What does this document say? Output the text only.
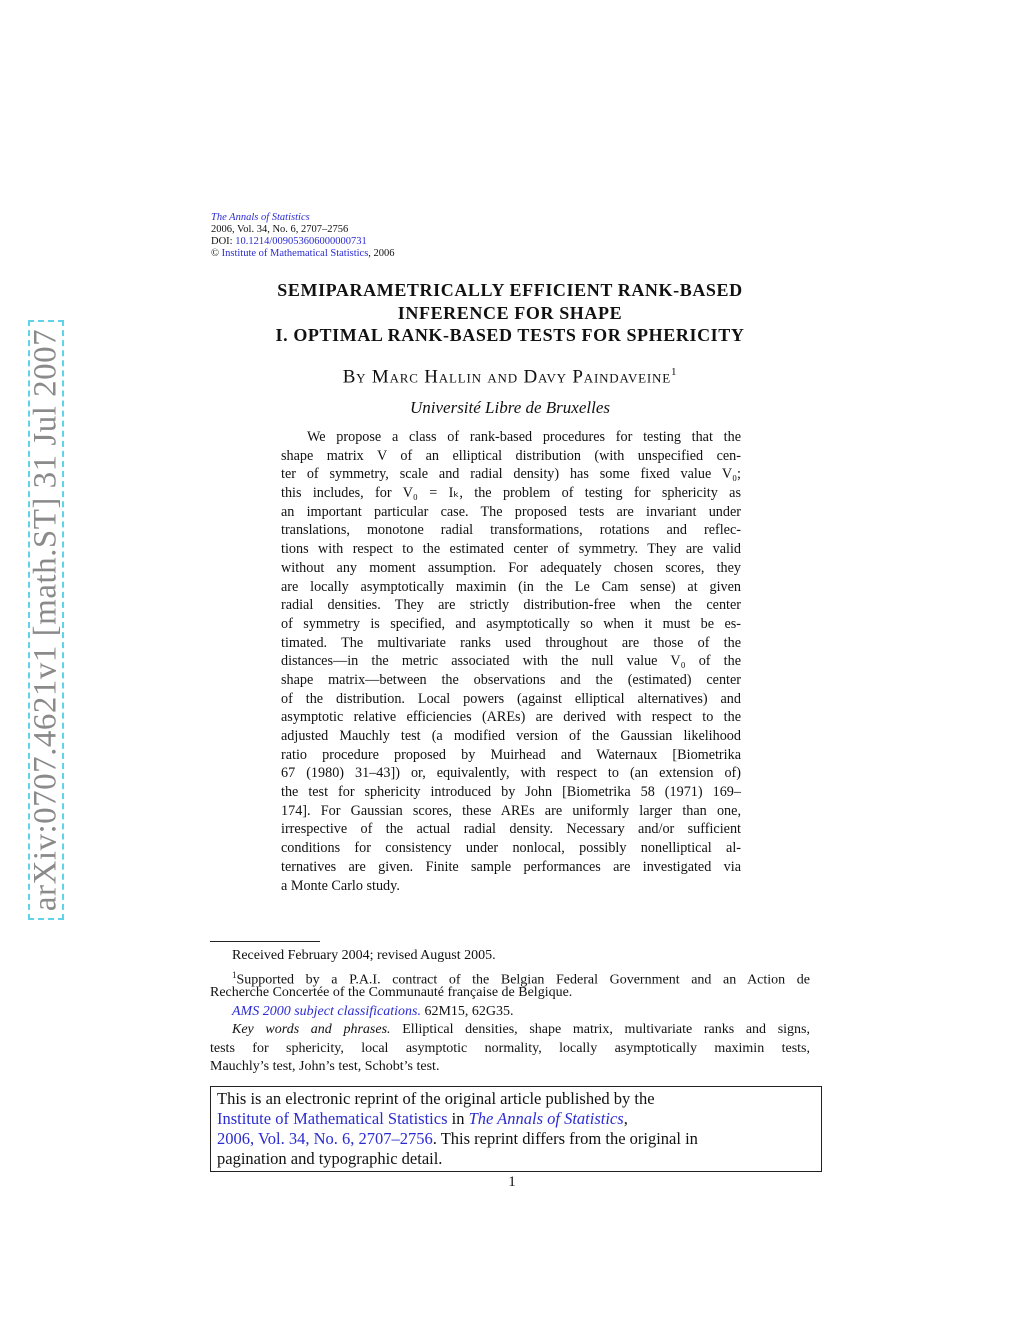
arXiv:0707.4621v1 [math.ST] 31 Jul 2007
The Annals of Statistics
2006, Vol. 34, No. 6, 2707–2756
DOI: 10.1214/009053606000000731
© Institute of Mathematical Statistics, 2006
SEMIPARAMETRICALLY EFFICIENT RANK-BASED
INFERENCE FOR SHAPE
I. OPTIMAL RANK-BASED TESTS FOR SPHERICITY
By Marc Hallin and Davy Paindaveine$^1$
Université Libre de Bruxelles
We propose a class of rank-based procedures for testing that the
shape matrix V of an elliptical distribution (with unspecified cen-
ter of symmetry, scale and radial density) has some fixed value V₀;
this includes, for V₀ = Iₖ, the problem of testing for sphericity as
an important particular case. The proposed tests are invariant under
translations, monotone radial transformations, rotations and reflec-
tions with respect to the estimated center of symmetry. They are valid
without any moment assumption. For adequately chosen scores, they
are locally asymptotically maximin (in the Le Cam sense) at given
radial densities. They are strictly distribution-free when the center
of symmetry is specified, and asymptotically so when it must be es-
timated. The multivariate ranks used throughout are those of the
distances—in the metric associated with the null value V₀ of the
shape matrix—between the observations and the (estimated) center
of the distribution. Local powers (against elliptical alternatives) and
asymptotic relative efficiencies (AREs) are derived with respect to the
adjusted Mauchly test (a modified version of the Gaussian likelihood
ratio procedure proposed by Muirhead and Waternaux [Biometrika
67 (1980) 31–43]) or, equivalently, with respect to (an extension of)
the test for sphericity introduced by John [Biometrika 58 (1971) 169–
174]. For Gaussian scores, these AREs are uniformly larger than one,
irrespective of the actual radial density. Necessary and/or sufficient
conditions for consistency under nonlocal, possibly nonelliptical al-
ternatives are given. Finite sample performances are investigated via
a Monte Carlo study.
Received February 2004; revised August 2005.
$^1$Supported by a P.A.I. contract of the Belgian Federal Government and an Action de
Recherche Concertée of the Communauté française de Belgique.
AMS 2000 subject classifications. 62M15, 62G35.
Key words and phrases. Elliptical densities, shape matrix, multivariate ranks and signs,
tests for sphericity, local asymptotic normality, locally asymptotically maximin tests,
Mauchly’s test, John’s test, Schobt’s test.
This is an electronic reprint of the original article published by the
Institute of Mathematical Statistics in The Annals of Statistics,
2006, Vol. 34, No. 6, 2707–2756. This reprint differs from the original in
pagination and typographic detail.
1
